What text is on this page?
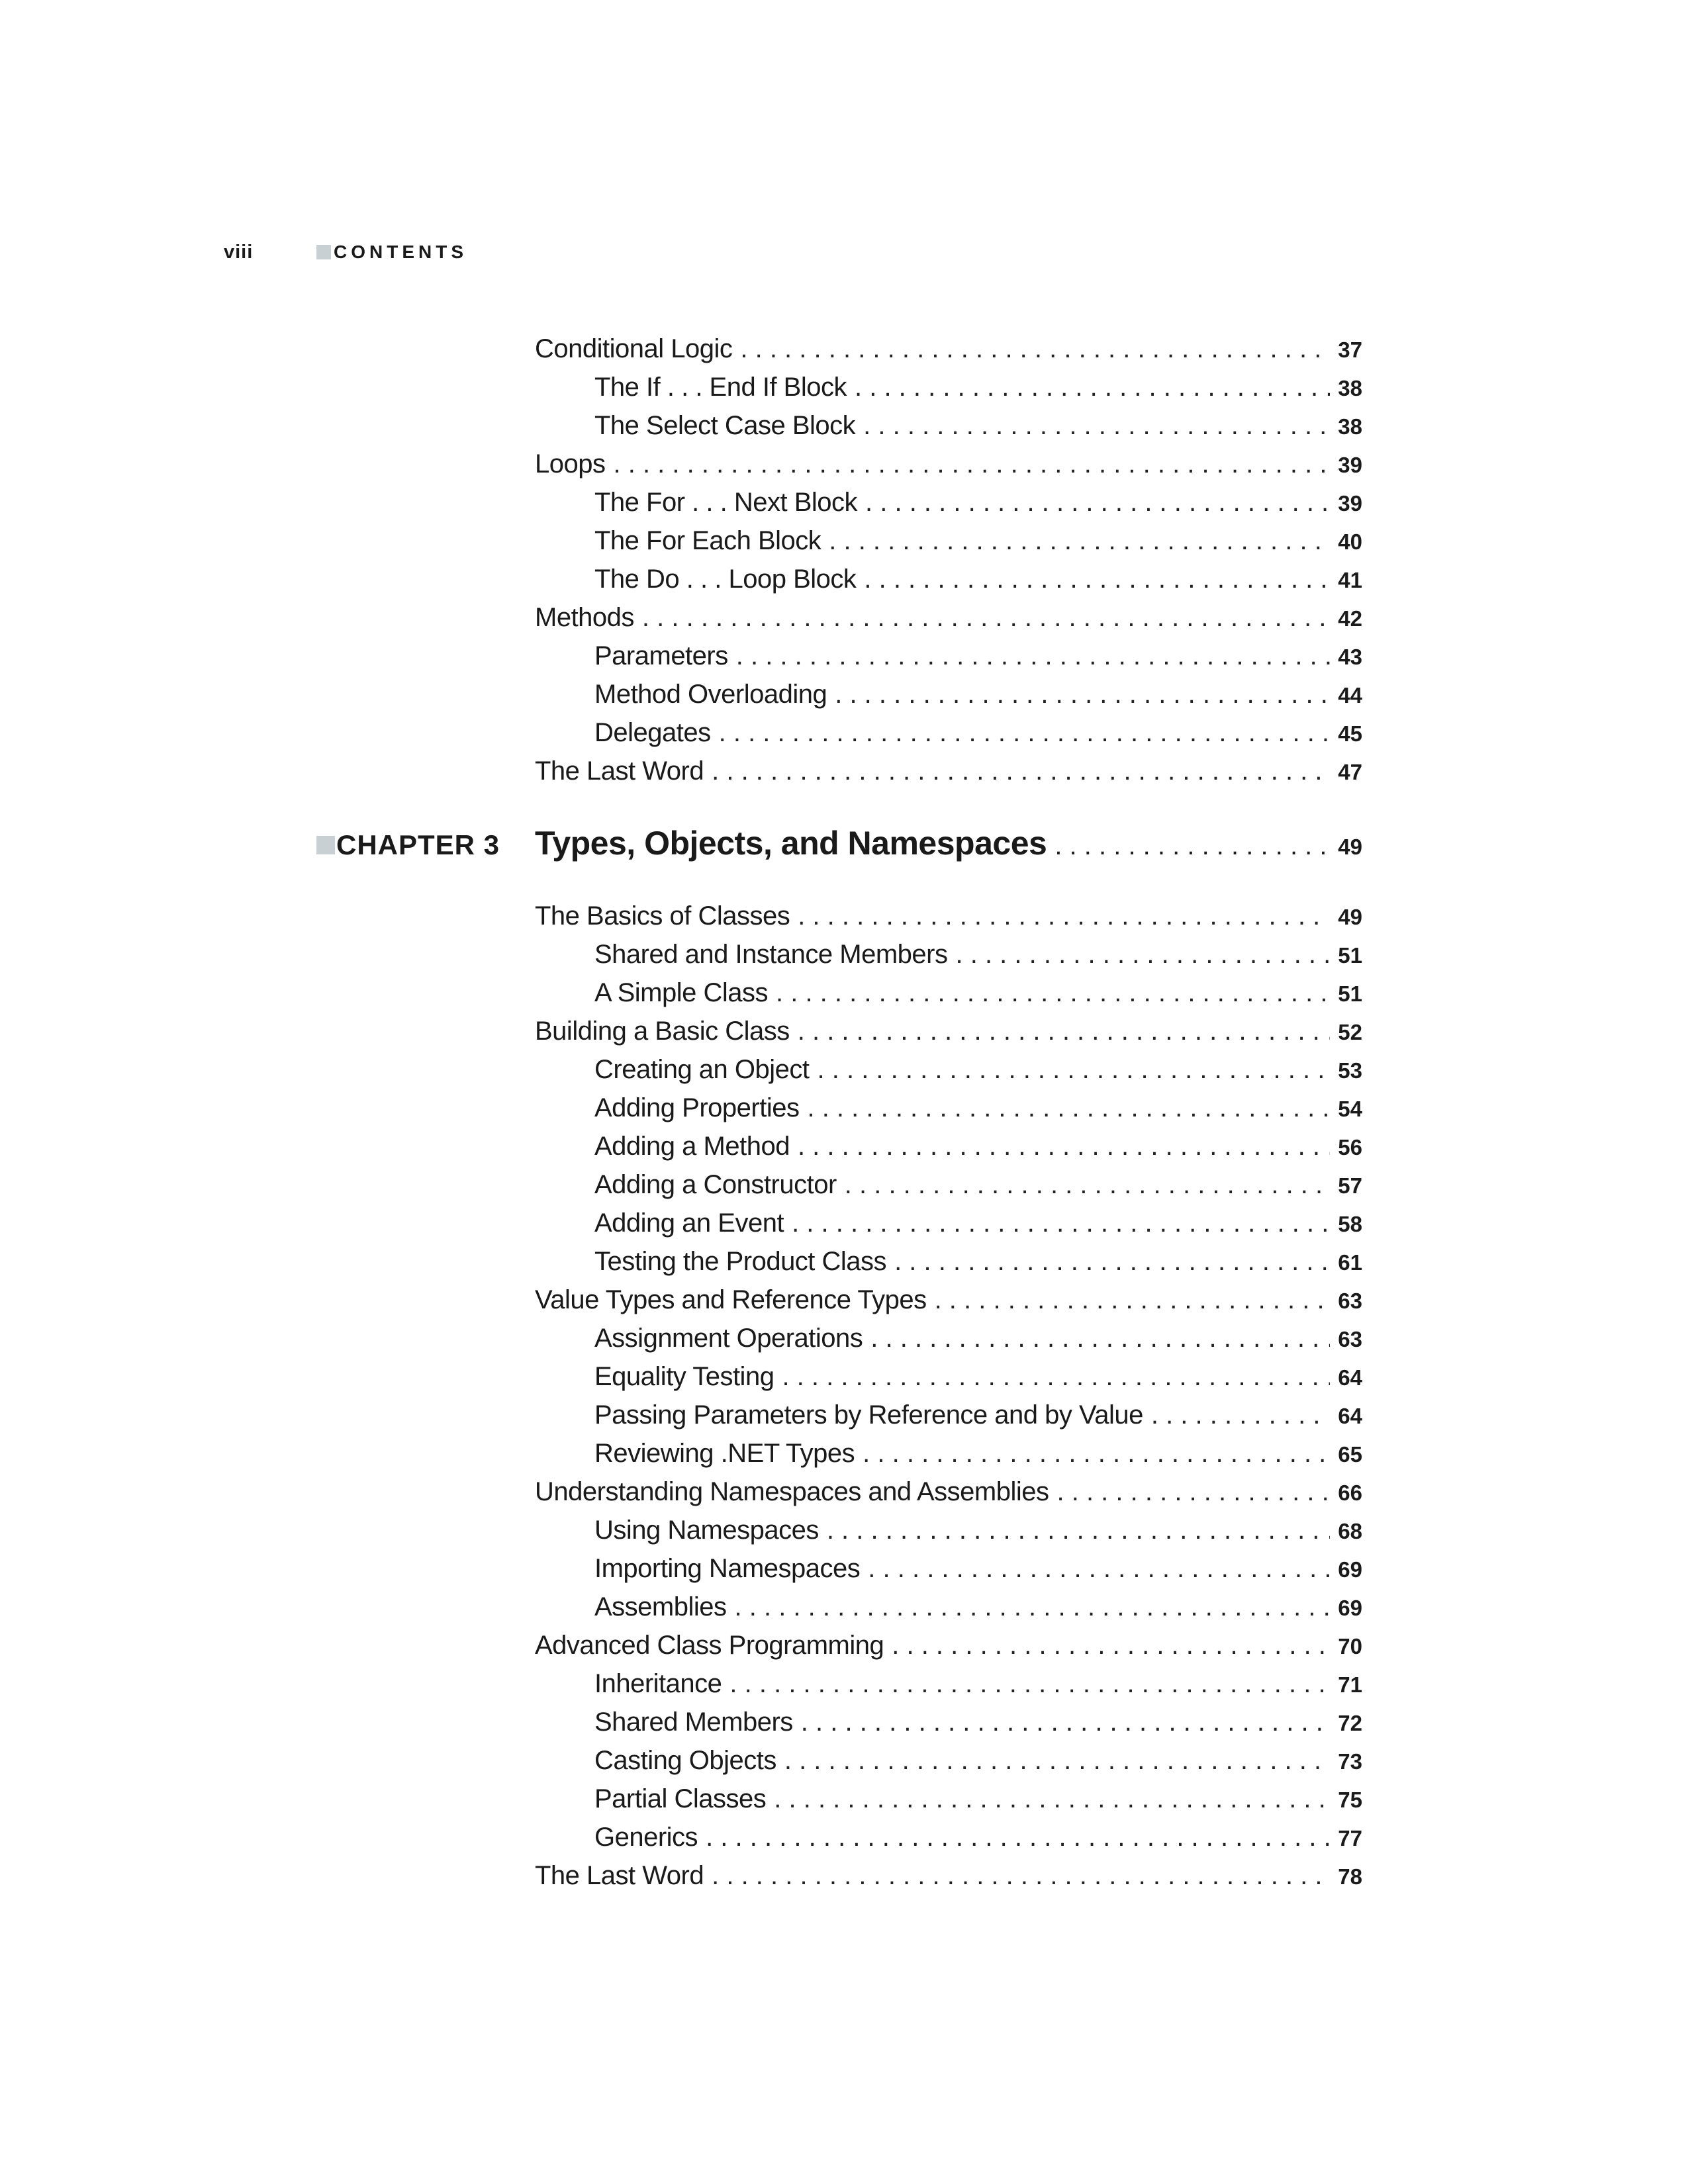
viii	CONTENTS
Conditional Logic . . .	37
The If . . . End If Block . . .	38
The Select Case Block . . .	38
Loops . . .	39
The For . . . Next Block . . .	39
The For Each Block . . .	40
The Do . . . Loop Block . . .	41
Methods . . .	42
Parameters . . .	43
Method Overloading . . .	44
Delegates . . .	45
The Last Word . . .	47
CHAPTER 3 Types, Objects, and Namespaces . . .	49
The Basics of Classes . . .	49
Shared and Instance Members . . .	51
A Simple Class . . .	51
Building a Basic Class . . .	52
Creating an Object . . .	53
Adding Properties . . .	54
Adding a Method . . .	56
Adding a Constructor . . .	57
Adding an Event . . .	58
Testing the Product Class . . .	61
Value Types and Reference Types . . .	63
Assignment Operations . . .	63
Equality Testing . . .	64
Passing Parameters by Reference and by Value . . .	64
Reviewing .NET Types . . .	65
Understanding Namespaces and Assemblies . . .	66
Using Namespaces . . .	68
Importing Namespaces . . .	69
Assemblies . . .	69
Advanced Class Programming . . .	70
Inheritance . . .	71
Shared Members . . .	72
Casting Objects . . .	73
Partial Classes . . .	75
Generics . . .	77
The Last Word . . .	78
